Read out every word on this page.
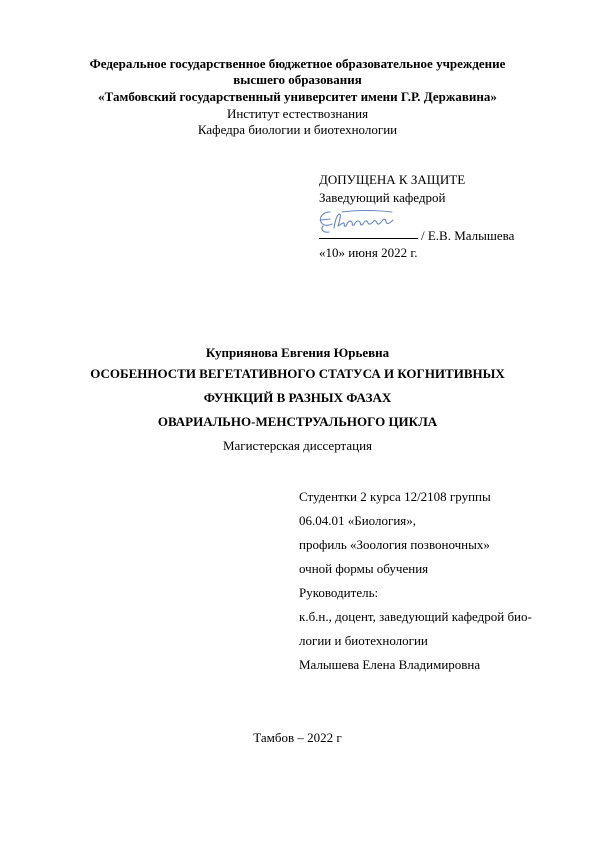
Федеральное государственное бюджетное образовательное учреждение
высшего образования
«Тамбовский государственный университет имени Г.Р. Державина»
Институт естествознания
Кафедра биологии и биотехнологии
ДОПУЩЕНА К ЗАЩИТЕ
Заведующий кафедрой
/ Е.В. Малышева
«10» июня 2022 г.
Куприянова Евгения Юрьевна
ОСОБЕННОСТИ ВЕГЕТАТИВНОГО СТАТУСА И КОГНИТИВНЫХ
ФУНКЦИЙ В РАЗНЫХ ФАЗАХ
ОВАРИАЛЬНО-МЕНСТРУАЛЬНОГО ЦИКЛА
Магистерская диссертация
Студентки 2 курса 12/2108 группы
06.04.01 «Биология»,
профиль «Зоология позвоночных»
очной формы обучения
Руководитель:
к.б.н., доцент, заведующий кафедрой био-
логии и биотехнологии
Малышева Елена Владимировна
Тамбов – 2022 г
